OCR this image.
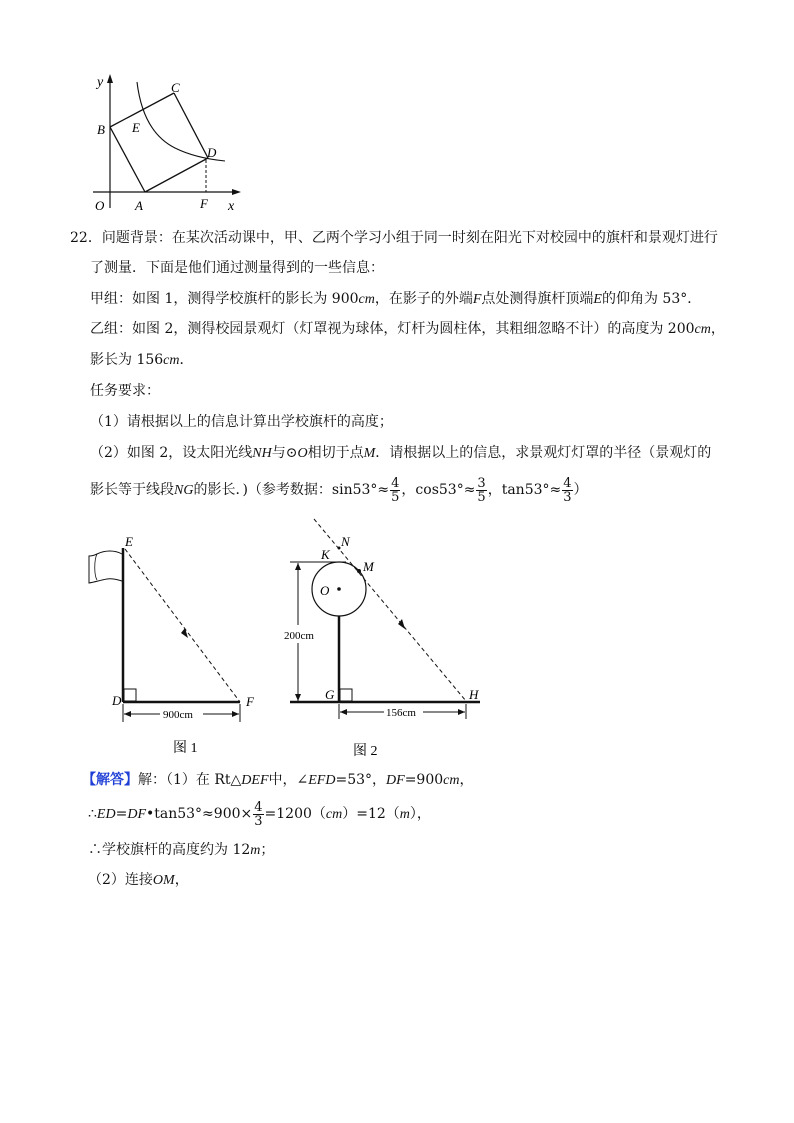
y
x
O A
B
C
D
E
F
22．问题背景：在某次活动课中，甲、乙两个学习小组于同一时刻在阳光下对校园中的旗杆和景观灯进行
了测量．下面是他们通过测量得到的一些信息：
甲组：如图 1，测得学校旗杆的影长为 900cm，在影子的外端F点处测得旗杆顶端E的仰角为 53°．
乙组：如图 2，测得校园景观灯（灯罩视为球体，灯杆为圆柱体，其粗细忽略不计）的高度为 200cm，
影长为 156cm．
任务要求：
（1）请根据以上的信息计算出学校旗杆的高度；
（2）如图 2，设太阳光线NH与⊙O相切于点M．请根据以上的信息，求景观灯灯罩的半径（景观灯的
影长等于线段NG的影长．)（参考数据：$\sin 53^\circ\approx \frac{4}{5}$ ，$\cos 53^\circ\approx \frac{3}{5}$ ，$\tan 53^\circ\approx \frac{4}{3}$ ）
900cm
E
D	F
图 1
200cm
156cm
K
N
M
O
G	H
图 2
【解答】解：（1）在 Rt△DEF中，∠EFD=53°，DF=900cm，
∴ED=DF•tan53°≈900× $\frac{4}{3} =1200(cm)=12(m)$，
∴学校旗杆的高度约为 12m；
（2）连接OM，
